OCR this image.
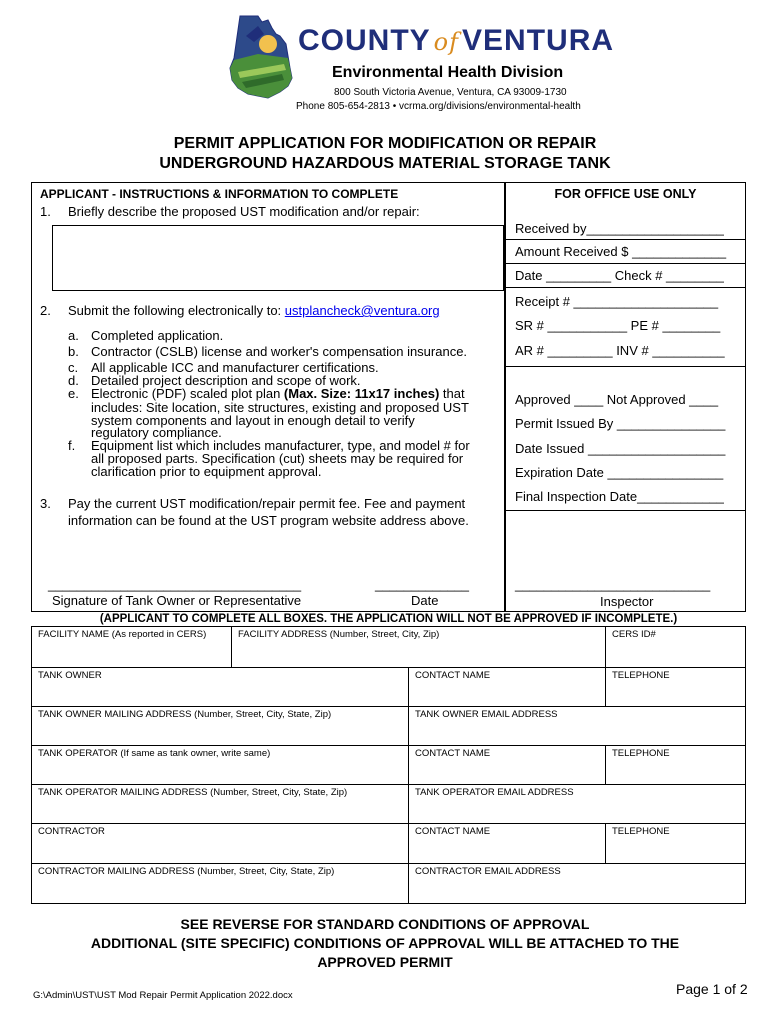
COUNTY of VENTURA
Environmental Health Division
800 South Victoria Avenue, Ventura, CA 93009-1730
Phone 805-654-2813 • vcrma.org/divisions/environmental-health
PERMIT APPLICATION FOR MODIFICATION OR REPAIR
UNDERGROUND HAZARDOUS MATERIAL STORAGE TANK
APPLICANT - INSTRUCTIONS & INFORMATION TO COMPLETE
1. Briefly describe the proposed UST modification and/or repair:
2. Submit the following electronically to: ustplancheck@ventura.org
a. Completed application.
b. Contractor (CSLB) license and worker's compensation insurance.
c. All applicable ICC and manufacturer certifications.
d. Detailed project description and scope of work.
e. Electronic (PDF) scaled plot plan (Max. Size: 11x17 inches) that
includes: Site location, site structures, existing and proposed UST
system components and layout in enough detail to verify
regulatory compliance.
f. Equipment list which includes manufacturer, type, and model # for
all proposed parts. Specification (cut) sheets may be required for
clarification prior to equipment approval.
3. Pay the current UST modification/repair permit fee. Fee and payment
information can be found at the UST program website address above.
___________________________________
Signature of Tank Owner or Representative
_____________
Date
FOR OFFICE USE ONLY
Received by___________________
Amount Received $ _____________
Date _________ Check # ________
Receipt # ____________________
SR # ___________ PE # ________
AR # _________ INV # __________
Approved ____ Not Approved ____
Permit Issued By _______________
Date Issued ___________________
Expiration Date ________________
Final Inspection Date____________
___________________________
Inspector
(APPLICANT TO COMPLETE ALL BOXES. THE APPLICATION WILL NOT BE APPROVED IF INCOMPLETE.)
FACILITY NAME (As reported in CERS)	FACILITY ADDRESS (Number, Street, City, Zip)	CERS ID#
TANK OWNER	CONTACT NAME	TELEPHONE
TANK OWNER MAILING ADDRESS (Number, Street, City, State, Zip)	TANK OWNER EMAIL ADDRESS
TANK OPERATOR (If same as tank owner, write same)	CONTACT NAME	TELEPHONE
TANK OPERATOR MAILING ADDRESS (Number, Street, City, State, Zip)	TANK OPERATOR EMAIL ADDRESS
CONTRACTOR	CONTACT NAME	TELEPHONE
CONTRACTOR MAILING ADDRESS (Number, Street, City, State, Zip)	CONTRACTOR EMAIL ADDRESS
SEE REVERSE FOR STANDARD CONDITIONS OF APPROVAL
ADDITIONAL (SITE SPECIFIC) CONDITIONS OF APPROVAL WILL BE ATTACHED TO THE
APPROVED PERMIT
G:\Admin\UST\UST Mod Repair Permit Application 2022.docx	Page 1 of 2
